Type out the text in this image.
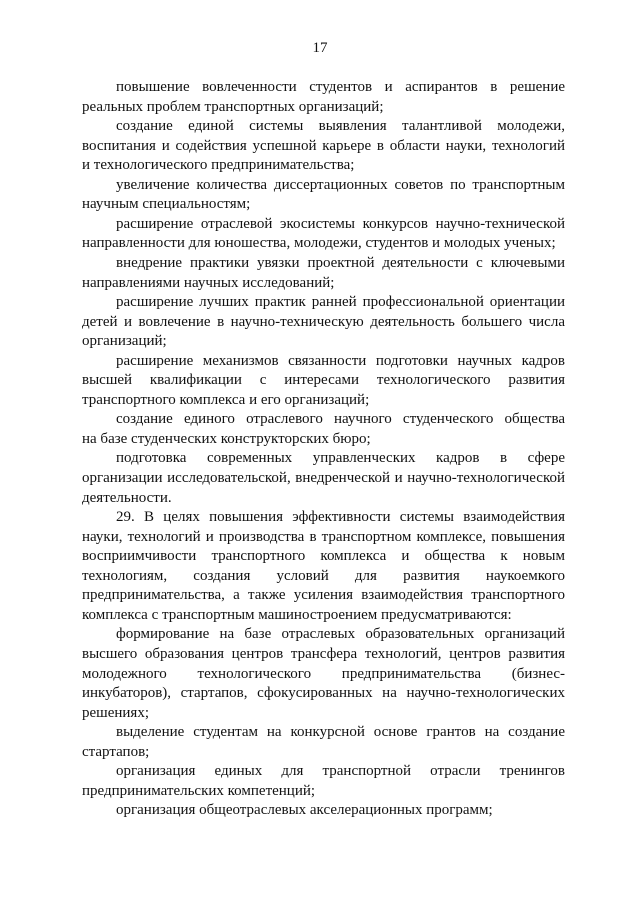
17
повышение вовлеченности студентов и аспирантов в решение
реальных проблем транспортных организаций;
создание единой системы выявления талантливой молодежи,
воспитания и содействия успешной карьере в области науки, технологий
и технологического предпринимательства;
увеличение количества диссертационных советов по транспортным
научным специальностям;
расширение отраслевой экосистемы конкурсов научно-технической
направленности для юношества, молодежи, студентов и молодых ученых;
внедрение практики увязки проектной деятельности с ключевыми
направлениями научных исследований;
расширение лучших практик ранней профессиональной ориентации
детей и вовлечение в научно-техническую деятельность большего числа
организаций;
расширение механизмов связанности подготовки научных кадров
высшей квалификации с интересами технологического развития
транспортного комплекса и его организаций;
создание единого отраслевого научного студенческого общества
на базе студенческих конструкторских бюро;
подготовка современных управленческих кадров в сфере
организации исследовательской, внедренческой и научно-технологической
деятельности.
29. В целях повышения эффективности системы взаимодействия
науки, технологий и производства в транспортном комплексе, повышения
восприимчивости транспортного комплекса и общества к новым
технологиям, создания условий для развития наукоемкого
предпринимательства, а также усиления взаимодействия транспортного
комплекса с транспортным машиностроением предусматриваются:
формирование на базе отраслевых образовательных организаций
высшего образования центров трансфера технологий, центров развития
молодежного технологического предпринимательства (бизнес-
инкубаторов), стартапов, сфокусированных на научно-технологических
решениях;
выделение студентам на конкурсной основе грантов на создание
стартапов;
организация единых для транспортной отрасли тренингов
предпринимательских компетенций;
организация общеотраслевых акселерационных программ;
